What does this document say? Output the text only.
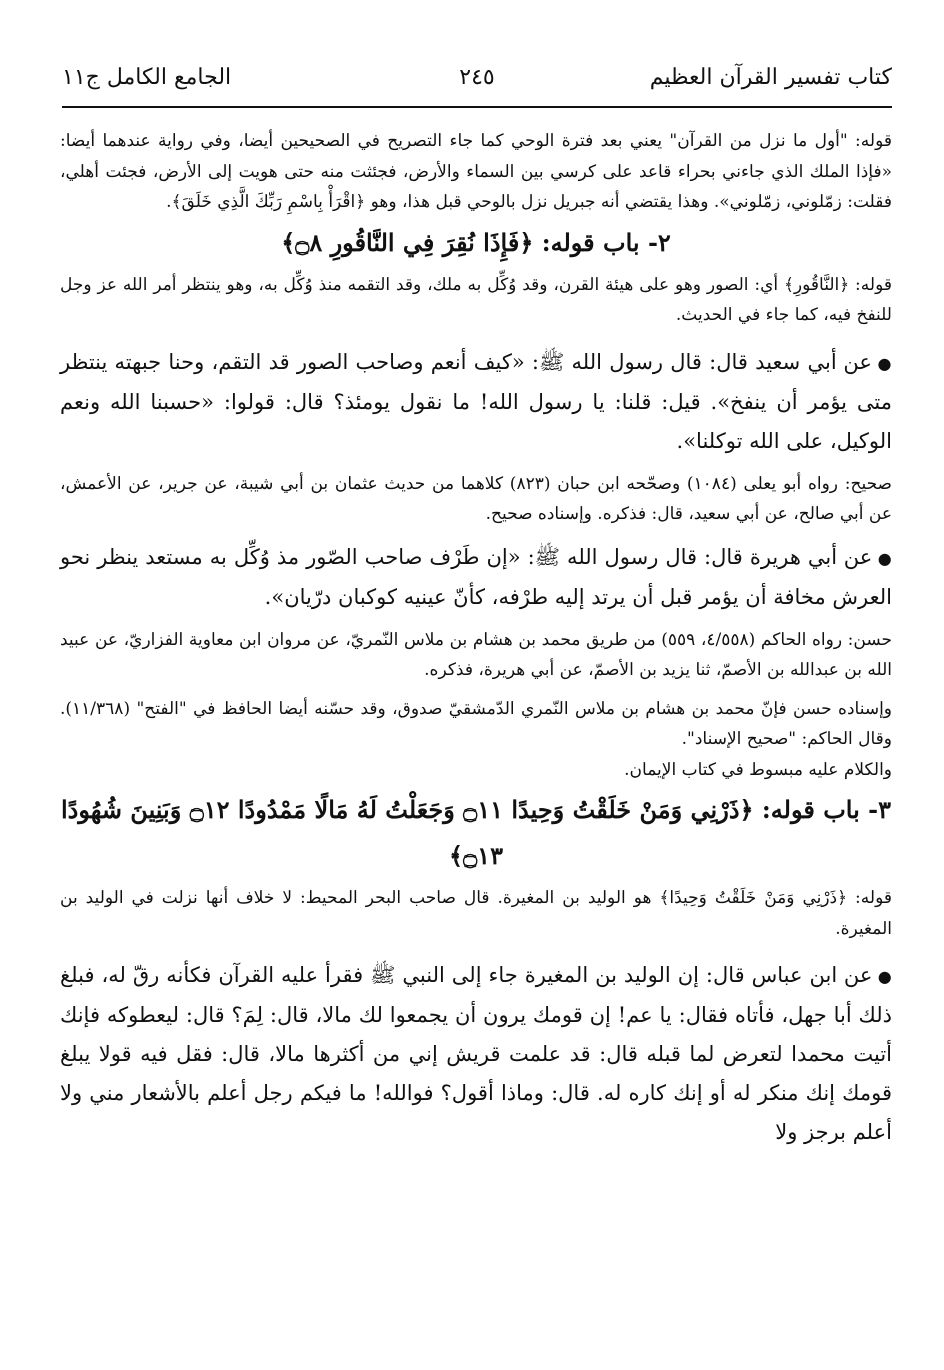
كتاب تفسير القرآن العظيم
٢٤٥
الجامع الكامل ج١١

قوله: "أول ما نزل من القرآن" يعني بعد فترة الوحي كما جاء التصريح في الصحيحين أيضا، وفي رواية عندهما أيضا: «فإذا الملك الذي جاءني بحراء قاعد على كرسي بين السماء والأرض، فجئثت منه حتى هويت إلى الأرض، فجئت أهلي، فقلت: زمّلوني، زمّلوني». وهذا يقتضي أنه جبريل نزل بالوحي قبل هذا، وهو ﴿اقْرَأْ بِاسْمِ رَبِّكَ الَّذِي خَلَقَ﴾.

٢- باب قوله: ﴿فَإِذَا نُقِرَ فِي النَّاقُورِ ۝٨﴾

قوله: ﴿النَّاقُورِ﴾ أي: الصور وهو على هيئة القرن، وقد وُكِّل به ملك، وقد التقمه منذ وُكِّل به، وهو ينتظر أمر الله عز وجل للنفخ فيه، كما جاء في الحديث.

● عن أبي سعيد قال: قال رسول الله ﷺ: «كيف أنعم وصاحب الصور قد التقم، وحنا جبهته ينتظر متى يؤمر أن ينفخ». قيل: قلنا: يا رسول الله! ما نقول يومئذ؟ قال: قولوا: «حسبنا الله ونعم الوكيل، على الله توكلنا».

صحيح: رواه أبو يعلى (١٠٨٤) وصحّحه ابن حبان (٨٢٣) كلاهما من حديث عثمان بن أبي شيبة، عن جرير، عن الأعمش، عن أبي صالح، عن أبي سعيد، قال: فذكره. وإسناده صحيح.

● عن أبي هريرة قال: قال رسول الله ﷺ: «إن طَرْف صاحب الصّور مذ وُكِّل به مستعد ينظر نحو العرش مخافة أن يؤمر قبل أن يرتد إليه طرْفه، كأنّ عينيه كوكبان درّيان».

حسن: رواه الحاكم (٤/٥٥٨، ٥٥٩) من طريق محمد بن هشام بن ملاس النّمريّ، عن مروان ابن معاوية الفزاريّ، عن عبيد الله بن عبدالله بن الأصمّ، ثنا يزيد بن الأصمّ، عن أبي هريرة، فذكره.

وإسناده حسن فإنّ محمد بن هشام بن ملاس النّمري الدّمشقيّ صدوق، وقد حسّنه أيضا الحافظ في "الفتح" (١١/٣٦٨). وقال الحاكم: "صحيح الإسناد".

والكلام عليه مبسوط في كتاب الإيمان.

٣- باب قوله: ﴿ذَرْنِي وَمَنْ خَلَقْتُ وَحِيدًا ۝١١ وَجَعَلْتُ لَهُ مَالًا مَمْدُودًا ۝١٢ وَبَنِينَ شُهُودًا ۝١٣﴾

قوله: ﴿ذَرْنِي وَمَنْ خَلَقْتُ وَحِيدًا﴾ هو الوليد بن المغيرة. قال صاحب البحر المحيط: لا خلاف أنها نزلت في الوليد بن المغيرة.

● عن ابن عباس قال: إن الوليد بن المغيرة جاء إلى النبي ﷺ فقرأ عليه القرآن فكأنه رقّ له، فبلغ ذلك أبا جهل، فأتاه فقال: يا عم! إن قومك يرون أن يجمعوا لك مالا، قال: لِمَ؟ قال: ليعطوكه فإنك أتيت محمدا لتعرض لما قبله قال: قد علمت قريش إني من أكثرها مالا، قال: فقل فيه قولا يبلغ قومك إنك منكر له أو إنك كاره له. قال: وماذا أقول؟ فوالله! ما فيكم رجل أعلم بالأشعار مني ولا أعلم برجز ولا
